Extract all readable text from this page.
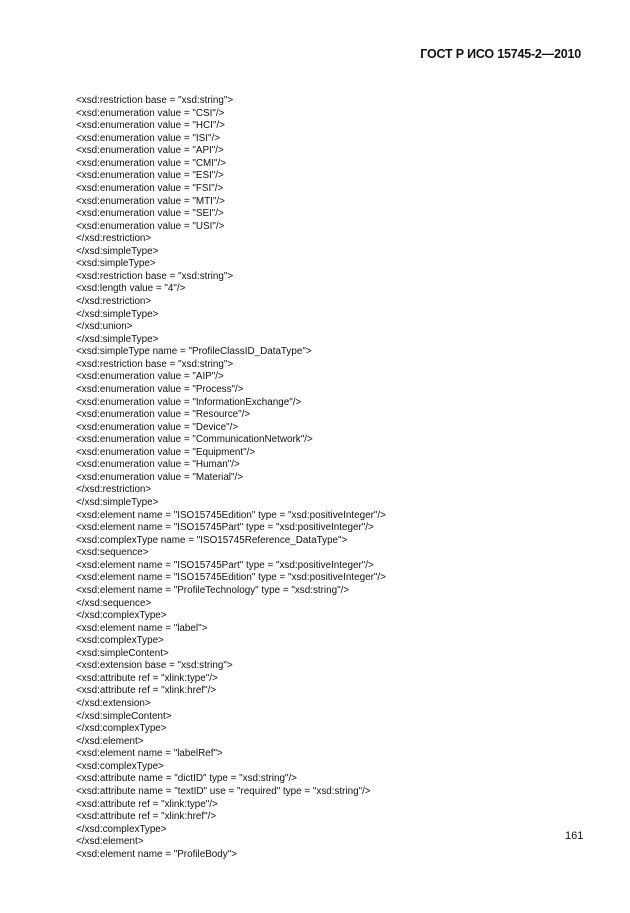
ГОСТ Р ИСО 15745-2—2010
<xsd:restriction base = "xsd:string">
<xsd:enumeration value = "CSI"/>
<xsd:enumeration value = "HCI"/>
<xsd:enumeration value = "ISI"/>
<xsd:enumeration value = "API"/>
<xsd:enumeration value = "CMI"/>
<xsd:enumeration value = "ESI"/>
<xsd:enumeration value = "FSI"/>
<xsd:enumeration value = "MTI"/>
<xsd:enumeration value = "SEI"/>
<xsd:enumeration value = "USI"/>
</xsd:restriction>
</xsd:simpleType>
<xsd:simpleType>
<xsd:restriction base = "xsd:string">
<xsd:length value = "4"/>
</xsd:restriction>
</xsd:simpleType>
</xsd:union>
</xsd:simpleType>
<xsd:simpleType name = "ProfileClassID_DataType">
<xsd:restriction base = "xsd:string">
<xsd:enumeration value = "AIP"/>
<xsd:enumeration value = "Process"/>
<xsd:enumeration value = "InformationExchange"/>
<xsd:enumeration value = "Resource"/>
<xsd:enumeration value = "Device"/>
<xsd:enumeration value = "CommunicationNetwork"/>
<xsd:enumeration value = "Equipment"/>
<xsd:enumeration value = "Human"/>
<xsd:enumeration value = "Material"/>
</xsd:restriction>
</xsd:simpleType>
<xsd:element name = "ISO15745Edition" type = "xsd:positiveInteger"/>
<xsd:element name = "ISO15745Part" type = "xsd:positiveInteger"/>
<xsd:complexType name = "ISO15745Reference_DataType">
<xsd:sequence>
<xsd:element name = "ISO15745Part" type = "xsd:positiveInteger"/>
<xsd:element name = "ISO15745Edition" type = "xsd:positiveInteger"/>
<xsd:element name = "ProfileTechnology" type = "xsd:string"/>
</xsd:sequence>
</xsd:complexType>
<xsd:element name = "label">
<xsd:complexType>
<xsd:simpleContent>
<xsd:extension base = "xsd:string">
<xsd:attribute ref = "xlink:type"/>
<xsd:attribute ref = "xlink:href"/>
</xsd:extension>
</xsd:simpleContent>
</xsd:complexType>
</xsd:element>
<xsd:element name = "labelRef">
<xsd:complexType>
<xsd:attribute name = "dictID" type = "xsd:string"/>
<xsd:attribute name = "textID" use = "required" type = "xsd:string"/>
<xsd:attribute ref = "xlink:type"/>
<xsd:attribute ref = "xlink:href"/>
</xsd:complexType>
</xsd:element>
<xsd:element name = "ProfileBody">
161
